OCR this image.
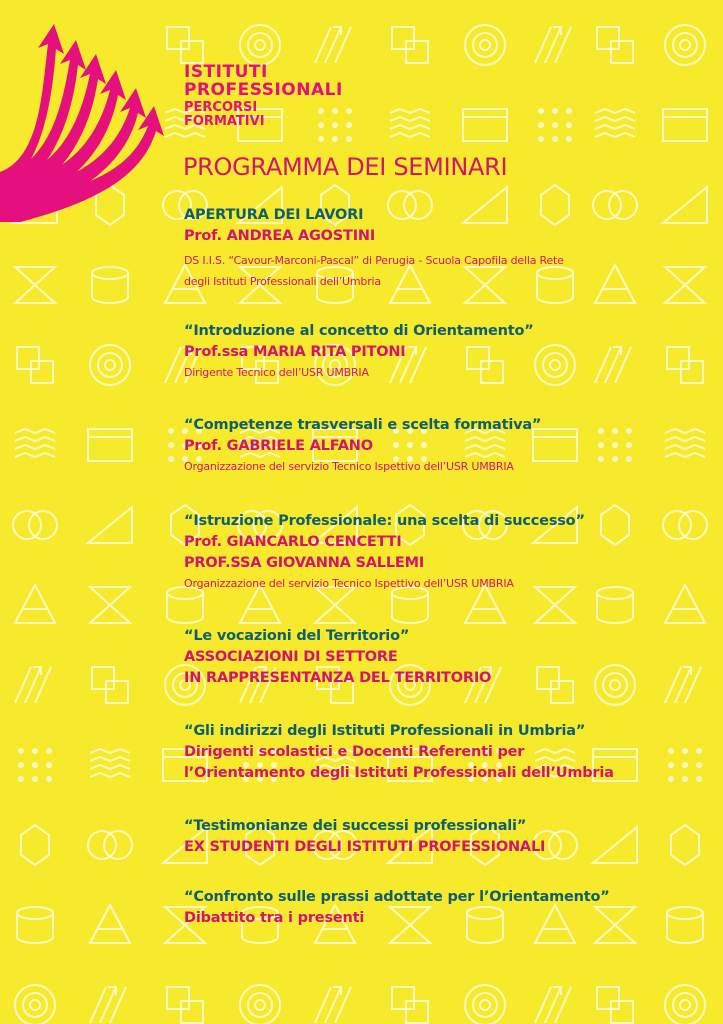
ISTITUTI
PROFESSIONALI
PERCORSI
FORMATIVI
PROGRAMMA DEI SEMINARI
APERTURA DEI LAVORI
Prof. ANDREA AGOSTINI
DS I.I.S. “Cavour-Marconi-Pascal” di Perugia - Scuola Capofila della Rete
degli Istituti Professionali dell’Umbria
“Introduzione al concetto di Orientamento”
Prof.ssa MARIA RITA PITONI
Dirigente Tecnico dell’USR UMBRIA
“Competenze trasversali e scelta formativa”
Prof. GABRIELE ALFANO
Organizzazione del servizio Tecnico Ispettivo dell’USR UMBRIA
“Istruzione Professionale: una scelta di successo”
Prof. GIANCARLO CENCETTI
PROF.SSA GIOVANNA SALLEMI
Organizzazione del servizio Tecnico Ispettivo dell’USR UMBRIA
“Le vocazioni del Territorio”
ASSOCIAZIONI DI SETTORE
IN RAPPRESENTANZA DEL TERRITORIO
“Gli indirizzi degli Istituti Professionali in Umbria”
Dirigenti scolastici e Docenti Referenti per
l’Orientamento degli Istituti Professionali dell’Umbria
“Testimonianze dei successi professionali”
EX STUDENTI DEGLI ISTITUTI PROFESSIONALI
“Confronto sulle prassi adottate per l’Orientamento”
Dibattito tra i presenti
